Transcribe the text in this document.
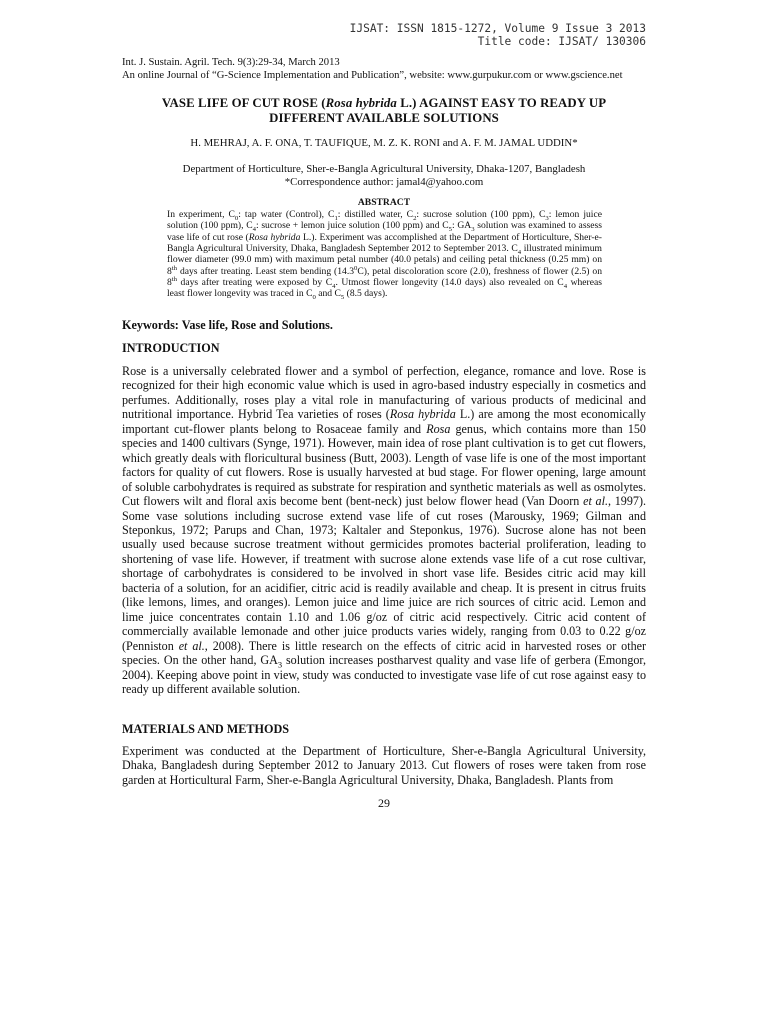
IJSAT: ISSN 1815-1272, Volume 9 Issue 3 2013
Title code: IJSAT/ 130306
Int. J. Sustain. Agril. Tech. 9(3):29-34, March 2013
An online Journal of “G-Science Implementation and Publication”, website: www.gurpukur.com or www.gscience.net
VASE LIFE OF CUT ROSE (Rosa hybrida L.) AGAINST EASY TO READY UP
DIFFERENT AVAILABLE SOLUTIONS
H. MEHRAJ, A. F. ONA, T. TAUFIQUE, M. Z. K. RONI and A. F. M. JAMAL UDDIN*
Department of Horticulture, Sher-e-Bangla Agricultural University, Dhaka-1207, Bangladesh
*Correspondence author: jamal4@yahoo.com
ABSTRACT
In experiment, $C_0$: tap water (Control), $C_1$: distilled water, $C_2$: sucrose solution (100 ppm), $C_3$: lemon juice solution (100 ppm), $C_4$: sucrose + lemon juice solution (100 ppm) and $C_5$: $GA_3$ solution was examined to assess vase life of cut rose (Rosa hybrida L.). Experiment was accomplished at the Department of Horticulture, Sher-e-Bangla Agricultural University, Dhaka, Bangladesh September 2012 to September 2013. $C_4$ illustrated minimum flower diameter (99.0 mm) with maximum petal number (40.0 petals) and ceiling petal thickness (0.25 mm) on 8th days after treating. Least stem bending (14.3$^0$C), petal discoloration score (2.0), freshness of flower (2.5) on 8th days after treating were exposed by $C_4$. Utmost flower longevity (14.0 days) also revealed on $C_4$ whereas least flower longevity was traced in $C_0$ and $C_5$ (8.5 days).
Keywords: Vase life, Rose and Solutions.
INTRODUCTION
Rose is a universally celebrated flower and a symbol of perfection, elegance, romance and love. Rose is recognized for their high economic value which is used in agro-based industry especially in cosmetics and perfumes. Additionally, roses play a vital role in manufacturing of various products of medicinal and nutritional importance. Hybrid Tea varieties of roses (Rosa hybrida L.) are among the most economically important cut-flower plants belong to Rosaceae family and Rosa genus, which contains more than 150 species and 1400 cultivars (Synge, 1971). However, main idea of rose plant cultivation is to get cut flowers, which greatly deals with floricultural business (Butt, 2003). Length of vase life is one of the most important factors for quality of cut flowers. Rose is usually harvested at bud stage. For flower opening, large amount of soluble carbohydrates is required as substrate for respiration and synthetic materials as well as osmolytes. Cut flowers wilt and floral axis become bent (bent-neck) just below flower head (Van Doorn et al., 1997). Some vase solutions including sucrose extend vase life of cut roses (Marousky, 1969; Gilman and Steponkus, 1972; Parups and Chan, 1973; Kaltaler and Steponkus, 1976). Sucrose alone has not been usually used because sucrose treatment without germicides promotes bacterial proliferation, leading to shortening of vase life. However, if treatment with sucrose alone extends vase life of a cut rose cultivar, shortage of carbohydrates is considered to be involved in short vase life. Besides citric acid may kill bacteria of a solution, for an acidifier, citric acid is readily available and cheap. It is present in citrus fruits (like lemons, limes, and oranges). Lemon juice and lime juice are rich sources of citric acid. Lemon and lime juice concentrates contain 1.10 and 1.06 g/oz of citric acid respectively. Citric acid content of commercially available lemonade and other juice products varies widely, ranging from 0.03 to 0.22 g/oz (Penniston et al., 2008). There is little research on the effects of citric acid in harvested roses or other species. On the other hand, $GA_3$ solution increases postharvest quality and vase life of gerbera (Emongor, 2004). Keeping above point in view, study was conducted to investigate vase life of cut rose against easy to ready up different available solution.
MATERIALS AND METHODS
Experiment was conducted at the Department of Horticulture, Sher-e-Bangla Agricultural University, Dhaka, Bangladesh during September 2012 to January 2013. Cut flowers of roses were taken from rose garden at Horticultural Farm, Sher-e-Bangla Agricultural University, Dhaka, Bangladesh. Plants from
29
